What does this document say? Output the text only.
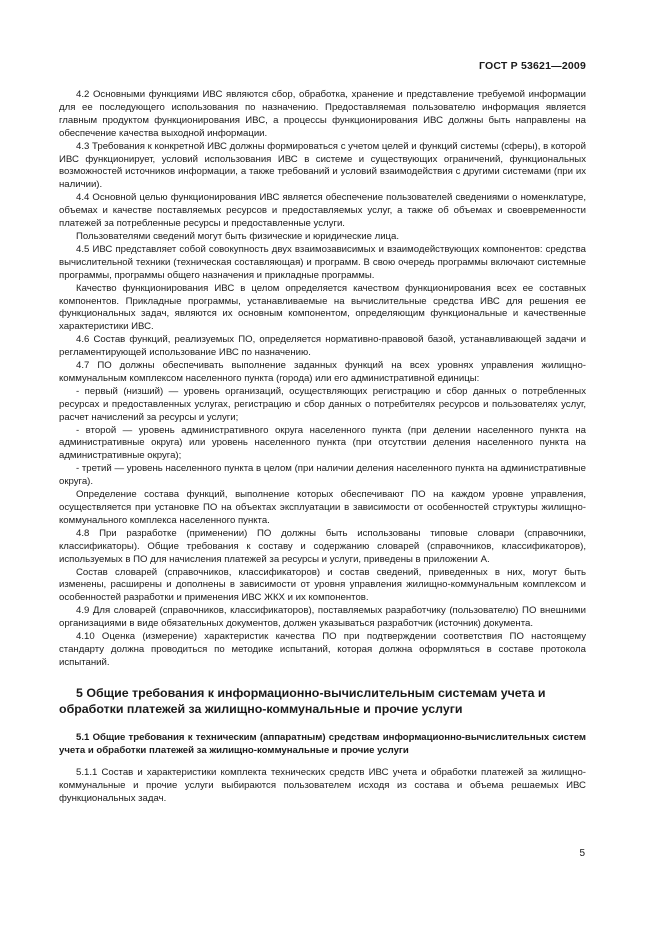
ГОСТ Р 53621—2009

4.2 Основными функциями ИВС являются сбор, обработка, хранение и представление требуемой информации для ее последующего использования по назначению. Предоставляемая пользователю информация является главным продуктом функционирования ИВС, а процессы функционирования ИВС должны быть направлены на обеспечение качества выходной информации.

4.3 Требования к конкретной ИВС должны формироваться с учетом целей и функций системы (сферы), в которой ИВС функционирует, условий использования ИВС в системе и существующих ограничений, функциональных возможностей источников информации, а также требований и условий взаимодействия с другими системами (при их наличии).

4.4 Основной целью функционирования ИВС является обеспечение пользователей сведениями о номенклатуре, объемах и качестве поставляемых ресурсов и предоставляемых услуг, а также об объемах и своевременности платежей за потребленные ресурсы и предоставленные услуги.

Пользователями сведений могут быть физические и юридические лица.

4.5 ИВС представляет собой совокупность двух взаимозависимых и взаимодействующих компонентов: средства вычислительной техники (техническая составляющая) и программ. В свою очередь программы включают системные программы, программы общего назначения и прикладные программы.

Качество функционирования ИВС в целом определяется качеством функционирования всех ее составных компонентов. Прикладные программы, устанавливаемые на вычислительные средства ИВС для решения ее функциональных задач, являются их основным компонентом, определяющим функциональные и качественные характеристики ИВС.

4.6 Состав функций, реализуемых ПО, определяется нормативно-правовой базой, устанавливающей задачи и регламентирующей использование ИВС по назначению.

4.7 ПО должны обеспечивать выполнение заданных функций на всех уровнях управления жилищно-коммунальным комплексом населенного пункта (города) или его административной единицы:

- первый (низший) — уровень организаций, осуществляющих регистрацию и сбор данных о потребленных ресурсах и предоставленных услугах, регистрацию и сбор данных о потребителях ресурсов и пользователях услуг, расчет начислений за ресурсы и услуги;

- второй — уровень административного округа населенного пункта (при делении населенного пункта на административные округа) или уровень населенного пункта (при отсутствии деления населенного пункта на административные округа);

- третий — уровень населенного пункта в целом (при наличии деления населенного пункта на административные округа).

Определение состава функций, выполнение которых обеспечивают ПО на каждом уровне управления, осуществляется при установке ПО на объектах эксплуатации в зависимости от особенностей структуры жилищно-коммунального комплекса населенного пункта.

4.8 При разработке (применении) ПО должны быть использованы типовые словари (справочники, классификаторы). Общие требования к составу и содержанию словарей (справочников, классификаторов), используемых в ПО для начисления платежей за ресурсы и услуги, приведены в приложении А.

Состав словарей (справочников, классификаторов) и состав сведений, приведенных в них, могут быть изменены, расширены и дополнены в зависимости от уровня управления жилищно-коммунальным комплексом и особенностей разработки и применения ИВС ЖКХ и их компонентов.

4.9 Для словарей (справочников, классификаторов), поставляемых разработчику (пользователю) ПО внешними организациями в виде обязательных документов, должен указываться разработчик (источник) документа.

4.10 Оценка (измерение) характеристик качества ПО при подтверждении соответствия ПО настоящему стандарту должна проводиться по методике испытаний, которая должна оформляться в составе протокола испытаний.

5 Общие требования к информационно-вычислительным системам учета и обработки платежей за жилищно-коммунальные и прочие услуги
5.1 Общие требования к техническим (аппаратным) средствам информационно-вычислительных систем учета и обработки платежей за жилищно-коммунальные и прочие услуги

5.1.1 Состав и характеристики комплекта технических средств ИВС учета и обработки платежей за жилищно-коммунальные и прочие услуги выбираются пользователем исходя из состава и объема решаемых ИВС функциональных задач.

5
